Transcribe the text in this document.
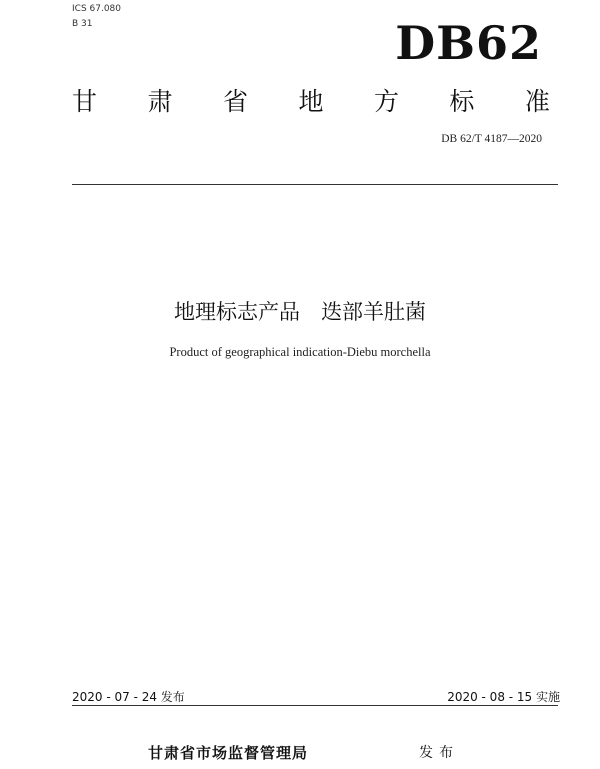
ICS 67.080
B 31	DB62
甘 肃 省 地 方 标 准
DB 62/T 4187—2020
地理标志产品　迭部羊肚菌
Product of geographical indication-Diebu morchella
2020 - 07 - 24 发布	2020 - 08 - 15 实施
甘肃省市场监督管理局	发布
